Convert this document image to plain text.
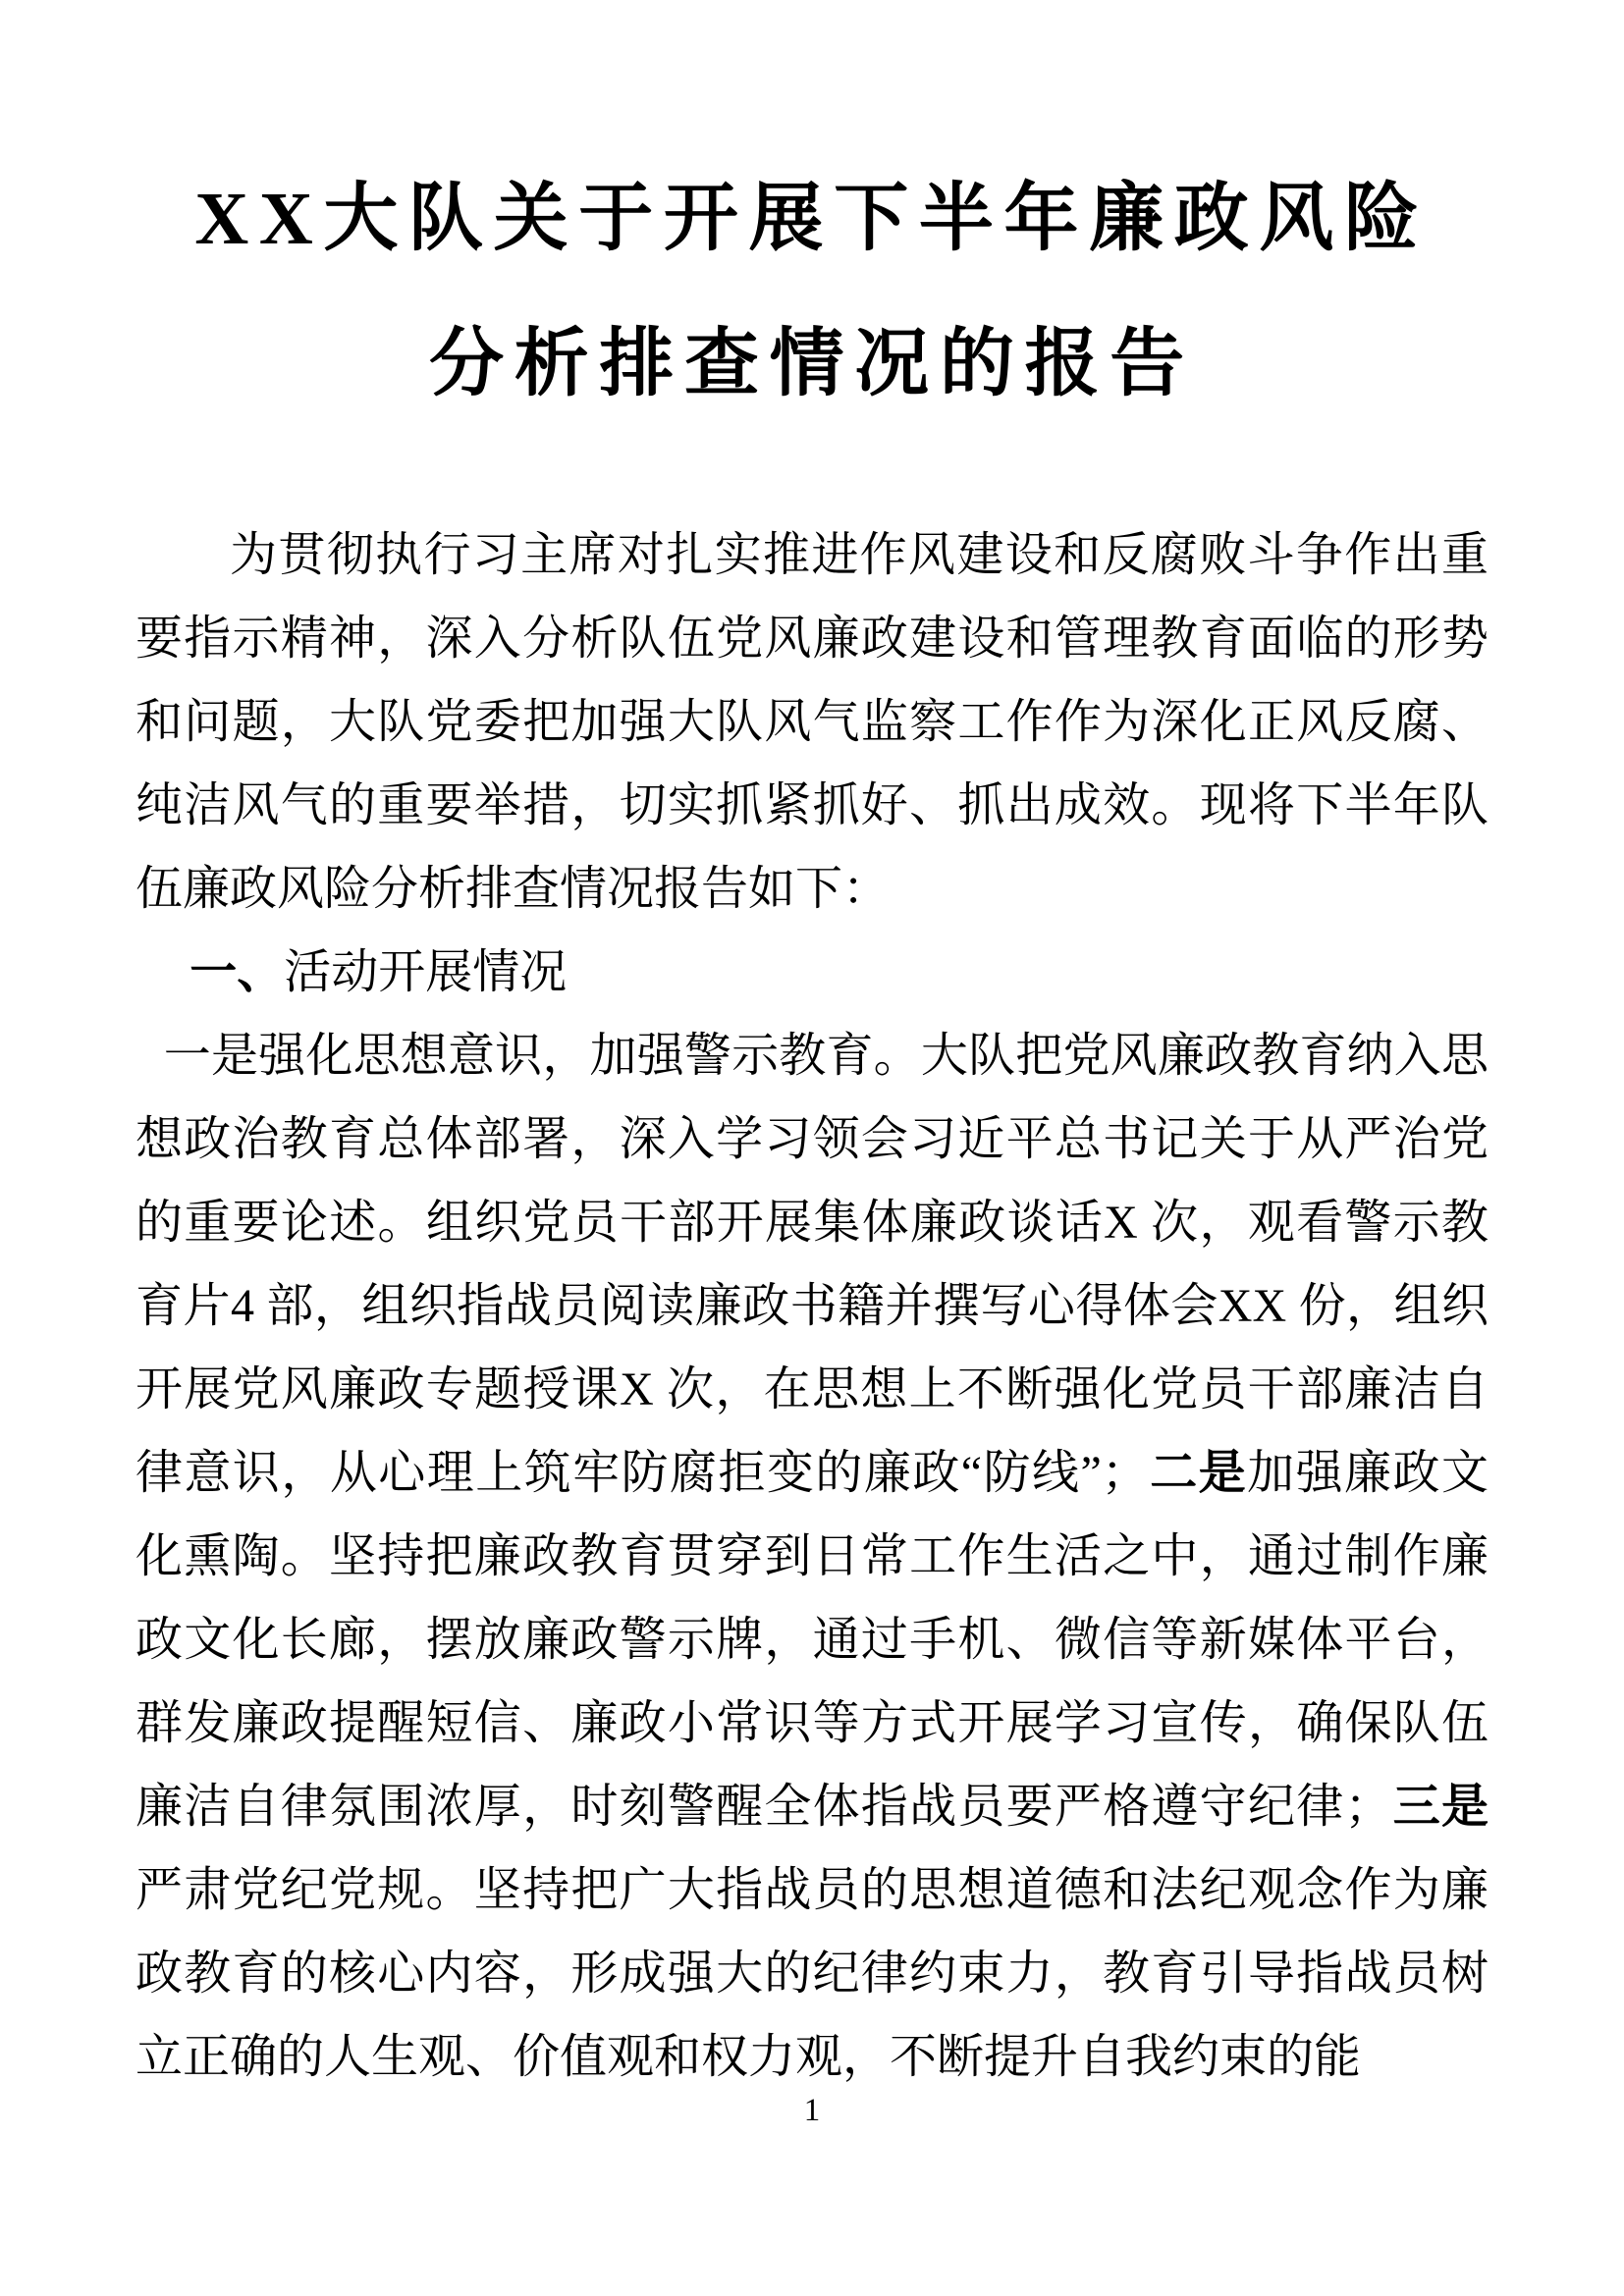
XX大队关于开展下半年廉政风险
分析排查情况的报告

为贯彻执行习主席对扎实推进作风建设和反腐败斗争作出重要指示精神，深入分析队伍党风廉政建设和管理教育面临的形势和问题，大队党委把加强大队风气监察工作作为深化正风反腐、纯洁风气的重要举措，切实抓紧抓好、抓出成效。现将下半年队伍廉政风险分析排查情况报告如下：

一、活动开展情况

一是强化思想意识，加强警示教育。大队把党风廉政教育纳入思想政治教育总体部署，深入学习领会习近平总书记关于从严治党的重要论述。组织党员干部开展集体廉政谈话X 次，观看警示教育片4 部，组织指战员阅读廉政书籍并撰写心得体会XX 份，组织开展党风廉政专题授课X 次，在思想上不断强化党员干部廉洁自律意识，从心理上筑牢防腐拒变的廉政“防线”；二是加强廉政文化熏陶。坚持把廉政教育贯穿到日常工作生活之中，通过制作廉政文化长廊，摆放廉政警示牌，通过手机、微信等新媒体平台，群发廉政提醒短信、廉政小常识等方式开展学习宣传，确保队伍廉洁自律氛围浓厚，时刻警醒全体指战员要严格遵守纪律；三是严肃党纪党规。坚持把广大指战员的思想道德和法纪观念作为廉政教育的核心内容，形成强大的纪律约束力，教育引导指战员树立正确的人生观、价值观和权力观，不断提升自我约束的能

1
